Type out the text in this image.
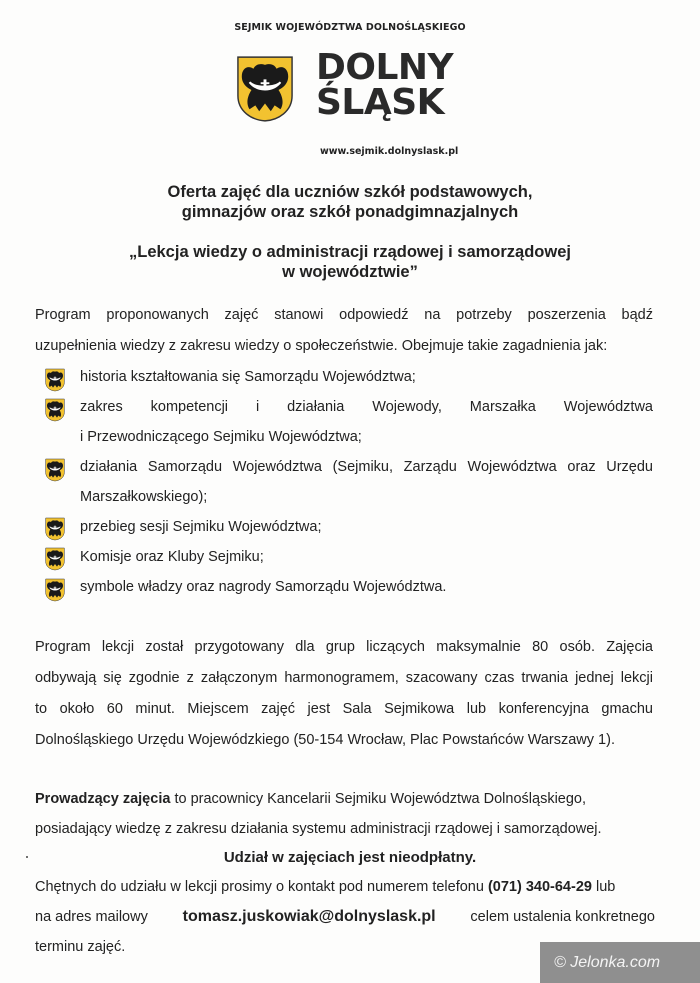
SEJMIK WOJEWÓDZTWA DOLNOŚLĄSKIEGO
DOLNY
ŚLĄSK
www.sejmik.dolnyslask.pl
Oferta zajęć dla uczniów szkół podstawowych,
gimnazjów oraz szkół ponadgimnazjalnych
„Lekcja wiedzy o administracji rządowej i samorządowej
w województwie”
Program proponowanych zajęć stanowi odpowiedź na potrzeby poszerzenia bądź
uzupełnienia wiedzy z zakresu wiedzy o społeczeństwie. Obejmuje takie zagadnienia jak:
historia kształtowania się Samorządu Województwa;
zakres kompetencji i działania Wojewody, Marszałka Województwa
i Przewodniczącego Sejmiku Województwa;
działania Samorządu Województwa (Sejmiku, Zarządu Województwa oraz Urzędu
Marszałkowskiego);
przebieg sesji Sejmiku Województwa;
Komisje oraz Kluby Sejmiku;
symbole władzy oraz nagrody Samorządu Województwa.
Program lekcji został przygotowany dla grup liczących maksymalnie 80 osób. Zajęcia
odbywają się zgodnie z załączonym harmonogramem, szacowany czas trwania jednej lekcji
to około 60 minut. Miejscem zajęć jest Sala Sejmikowa lub konferencyjna gmachu
Dolnośląskiego Urzędu Wojewódzkiego (50-154 Wrocław, Plac Powstańców Warszawy 1).
Prowadzący zajęcia to pracownicy Kancelarii Sejmiku Województwa Dolnośląskiego,
posiadający wiedzę z zakresu działania systemu administracji rządowej i samorządowej.
Udział w zajęciach jest nieodpłatny.
Chętnych do udziału w lekcji prosimy o kontakt pod numerem telefonu (071) 340-64-29 lub
na adres mailowy tomasz.juskowiak@dolnyslask.pl celem ustalenia konkretnego
terminu zajęć.
© Jelonka.com
